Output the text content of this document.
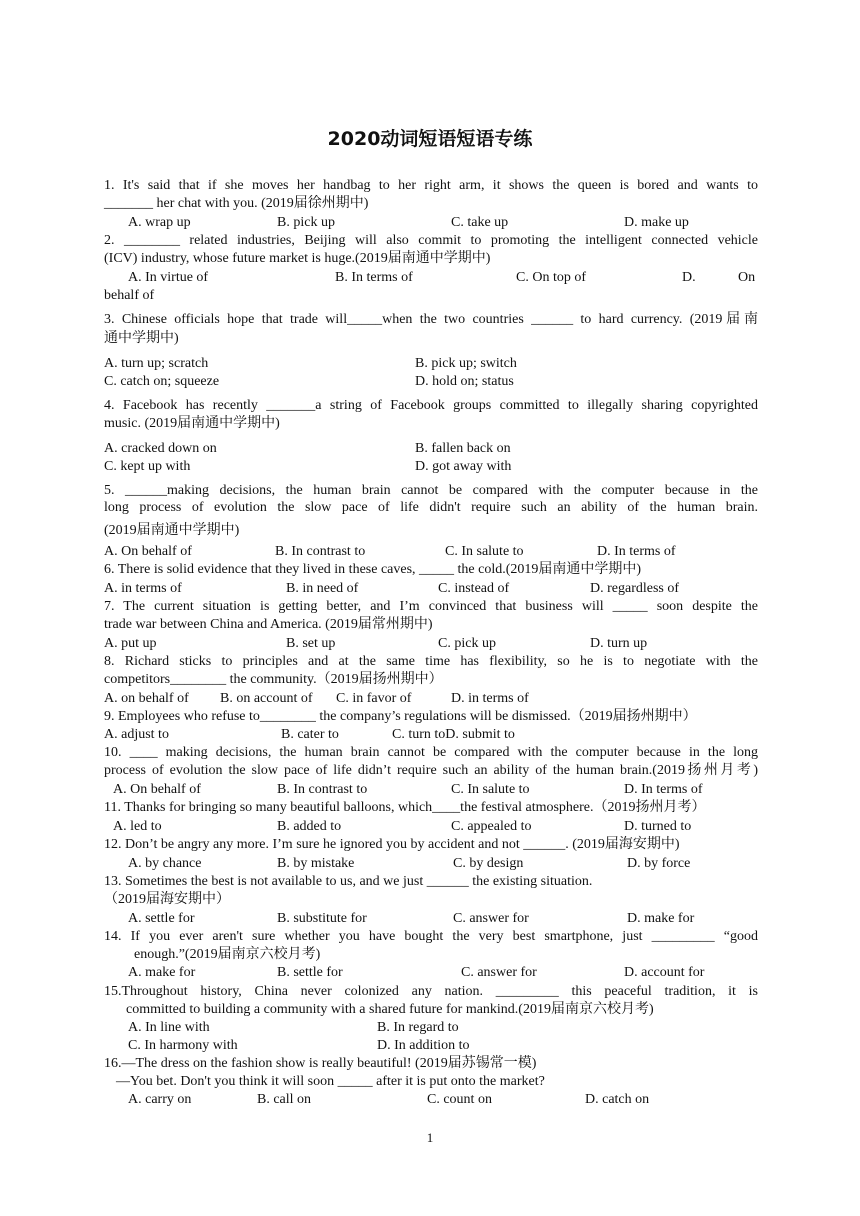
2020动词短语短语专练
1. It's said that if she moves her handbag to her right arm, it shows the queen is bored and wants to
_______ her chat with you. (2019届徐州期中)
A. wrap up	B. pick up	C. take up	D. make up
2. ________ related industries, Beijing will also commit to promoting the intelligent connected vehicle
(ICV) industry, whose future market is huge.(2019届南通中学期中)
A. In virtue of	B. In terms of	C. On top of	D.	On
behalf of
3. Chinese officials hope that trade will_____when the two countries ______ to hard currency. (2019届南
通中学期中)
A. turn up; scratch	B. pick up; switch
C. catch on; squeeze	D. hold on; status
4. Facebook has recently _______a string of Facebook groups committed to illegally sharing copyrighted
music. (2019届南通中学期中)
A. cracked down on	B. fallen back on
C. kept up with	D. got away with
5. ______making decisions, the human brain cannot be compared with the computer because in the
long process of evolution the slow pace of life didn't require such an ability of the human brain.
(2019届南通中学期中)
A. On behalf of	B. In contrast to	C. In salute to	D. In terms of
6. There is solid evidence that they lived in these caves, _____ the cold.(2019届南通中学期中)
A. in terms of	B. in need of	C. instead of	D. regardless of
7. The current situation is getting better, and I’m convinced that business will _____ soon despite the
trade war between China and America. (2019届常州期中)
A. put up	B. set up	C. pick up	D. turn up
8. Richard sticks to principles and at the same time has flexibility, so he is to negotiate with the
competitors________ the community.（2019届扬州期中）
A. on behalf of B. on account of C. in favor of	D. in terms of
9. Employees who refuse to________ the company’s regulations will be dismissed.（2019届扬州期中）
A. adjust to	B. cater to	C. turn toD. submit to
10. ____ making decisions, the human brain cannot be compared with the computer because in the long
process of evolution the slow pace of life didn’t require such an ability of the human brain.(2019扬州月考)
A. On behalf of	B. In contrast to	C. In salute to	D. In terms of
11. Thanks for bringing so many beautiful balloons, which____the festival atmosphere.（2019扬州月考）
A. led to	B. added to	C. appealed to	D. turned to
12. Don’t be angry any more. I’m sure he ignored you by accident and not ______. (2019届海安期中)
A. by chance	B. by mistake	C. by design	D. by force
13. Sometimes the best is not available to us, and we just ______ the existing situation.
（2019届海安期中）
A. settle for	B. substitute for	C. answer for	D. make for
14. If you ever aren't sure whether you have bought the very best smartphone, just _________ “good
enough.”(2019届南京六校月考)
A. make for	B. settle for	C. answer for	D. account for
15.Throughout history, China never colonized any nation. _________ this peaceful tradition, it is
committed to building a community with a shared future for mankind.(2019届南京六校月考)
A. In line with	B. In regard to
C. In harmony with	D. In addition to
16.—The dress on the fashion show is really beautiful! (2019届苏锡常一模)
—You bet. Don't you think it will soon _____ after it is put onto the market?
A. carry on	B. call on	C. count on	D. catch on
1
